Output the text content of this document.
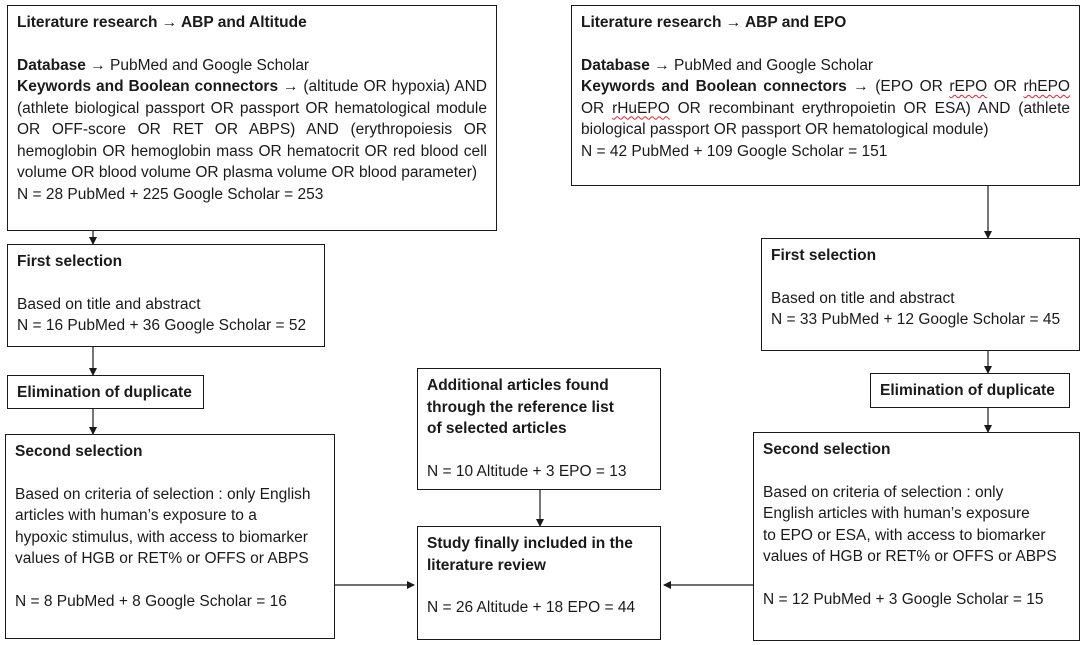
Literature research → ABP and Altitude

Database → PubMed and Google Scholar

Keywords and Boolean connectors → (altitude OR hypoxia) AND (athlete biological passport OR passport OR hematological module OR OFF-score OR RET OR ABPS) AND (erythropoiesis OR hemoglobin OR hemoglobin mass OR hematocrit OR red blood cell volume OR blood volume OR plasma volume OR blood parameter)

N = 28 PubMed + 225 Google Scholar = 253

Literature research → ABP and EPO

Database → PubMed and Google Scholar

Keywords and Boolean connectors → (EPO OR rEPO OR rhEPO OR rHuEPO OR recombinant erythropoietin OR ESA) AND (athlete biological passport OR passport OR hematological module)

N = 42 PubMed + 109 Google Scholar = 151

First selection

Based on title and abstract

N = 16 PubMed + 36 Google Scholar = 52

First selection

Based on title and abstract

N = 33 PubMed + 12 Google Scholar = 45

Elimination of duplicate	Elimination of duplicate

Additional articles found

through the reference list

of selected articles

N = 10 Altitude + 3 EPO = 13

Second selection

Based on criteria of selection : only English

articles with human’s exposure to a

hypoxic stimulus, with access to biomarker

values of HGB or RET% or OFFS or ABPS

N = 8 PubMed + 8 Google Scholar = 16

Study finally included in the

literature review

N = 26 Altitude + 18 EPO = 44

Second selection

Based on criteria of selection : only

English articles with human’s exposure

to EPO or ESA, with access to biomarker

values of HGB or RET% or OFFS or ABPS

N = 12 PubMed + 3 Google Scholar = 15
